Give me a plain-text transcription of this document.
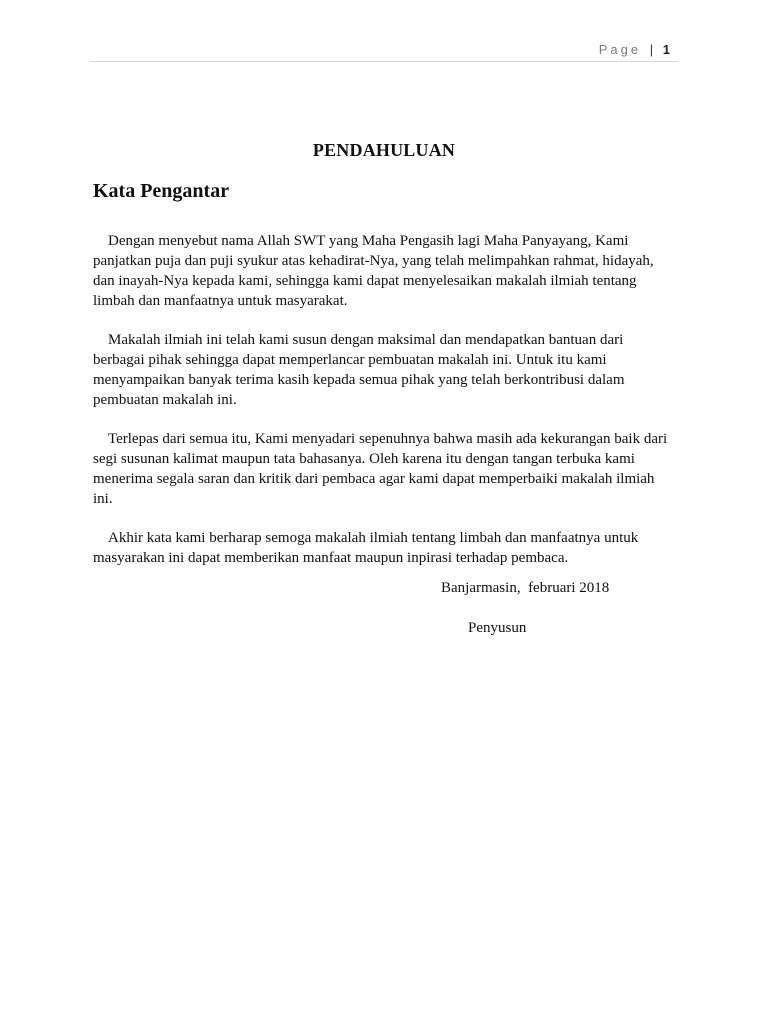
Page | 1
PENDAHULUAN
Kata Pengantar

Dengan menyebut nama Allah SWT yang Maha Pengasih lagi Maha Panyayang, Kami panjatkan puja dan puji syukur atas kehadirat-Nya, yang telah melimpahkan rahmat, hidayah, dan inayah-Nya kepada kami, sehingga kami dapat menyelesaikan makalah ilmiah tentang limbah dan manfaatnya untuk masyarakat.

Makalah ilmiah ini telah kami susun dengan maksimal dan mendapatkan bantuan dari berbagai pihak sehingga dapat memperlancar pembuatan makalah ini. Untuk itu kami menyampaikan banyak terima kasih kepada semua pihak yang telah berkontribusi dalam pembuatan makalah ini.

Terlepas dari semua itu, Kami menyadari sepenuhnya bahwa masih ada kekurangan baik dari segi susunan kalimat maupun tata bahasanya. Oleh karena itu dengan tangan terbuka kami menerima segala saran dan kritik dari pembaca agar kami dapat memperbaiki makalah ilmiah ini.

Akhir kata kami berharap semoga makalah ilmiah tentang limbah dan manfaatnya untuk masyarakan ini dapat memberikan manfaat maupun inpirasi terhadap pembaca.

Banjarmasin,  februari 2018
Penyusun
